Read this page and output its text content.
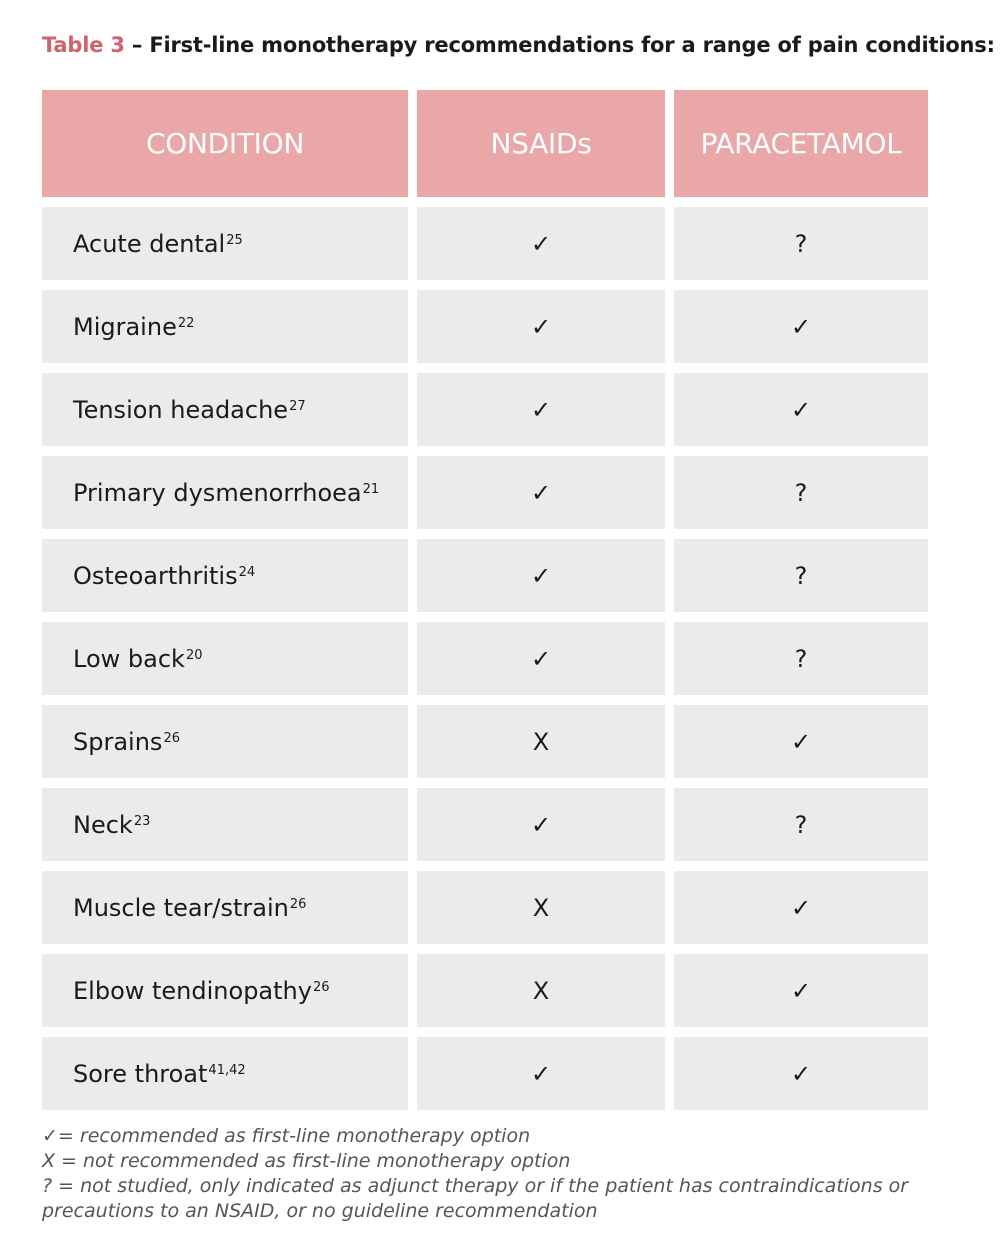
Table 3 – First-line monotherapy recommendations for a range of pain conditions:
CONDITION	NSAIDs	PARACETAMOL
Acute dental$^{25}$	✓	?
Migraine$^{22}$	✓	✓
Tension headache$^{27}$	✓	✓
Primary dysmenorrhoea$^{21}$	✓	?
Osteoarthritis$^{24}$	✓	?
Low back$^{20}$	✓	?
Sprains$^{26}$	X	✓
Neck$^{23}$	✓	?
Muscle tear/strain$^{26}$	X	✓
Elbow tendinopathy$^{26}$	X	✓
Sore throat$^{41,42}$	✓	✓
✓= recommended as first-line monotherapy option
X = not recommended as first-line monotherapy option
? = not studied, only indicated as adjunct therapy or if the patient has contraindications or precautions to an NSAID, or no guideline recommendation
